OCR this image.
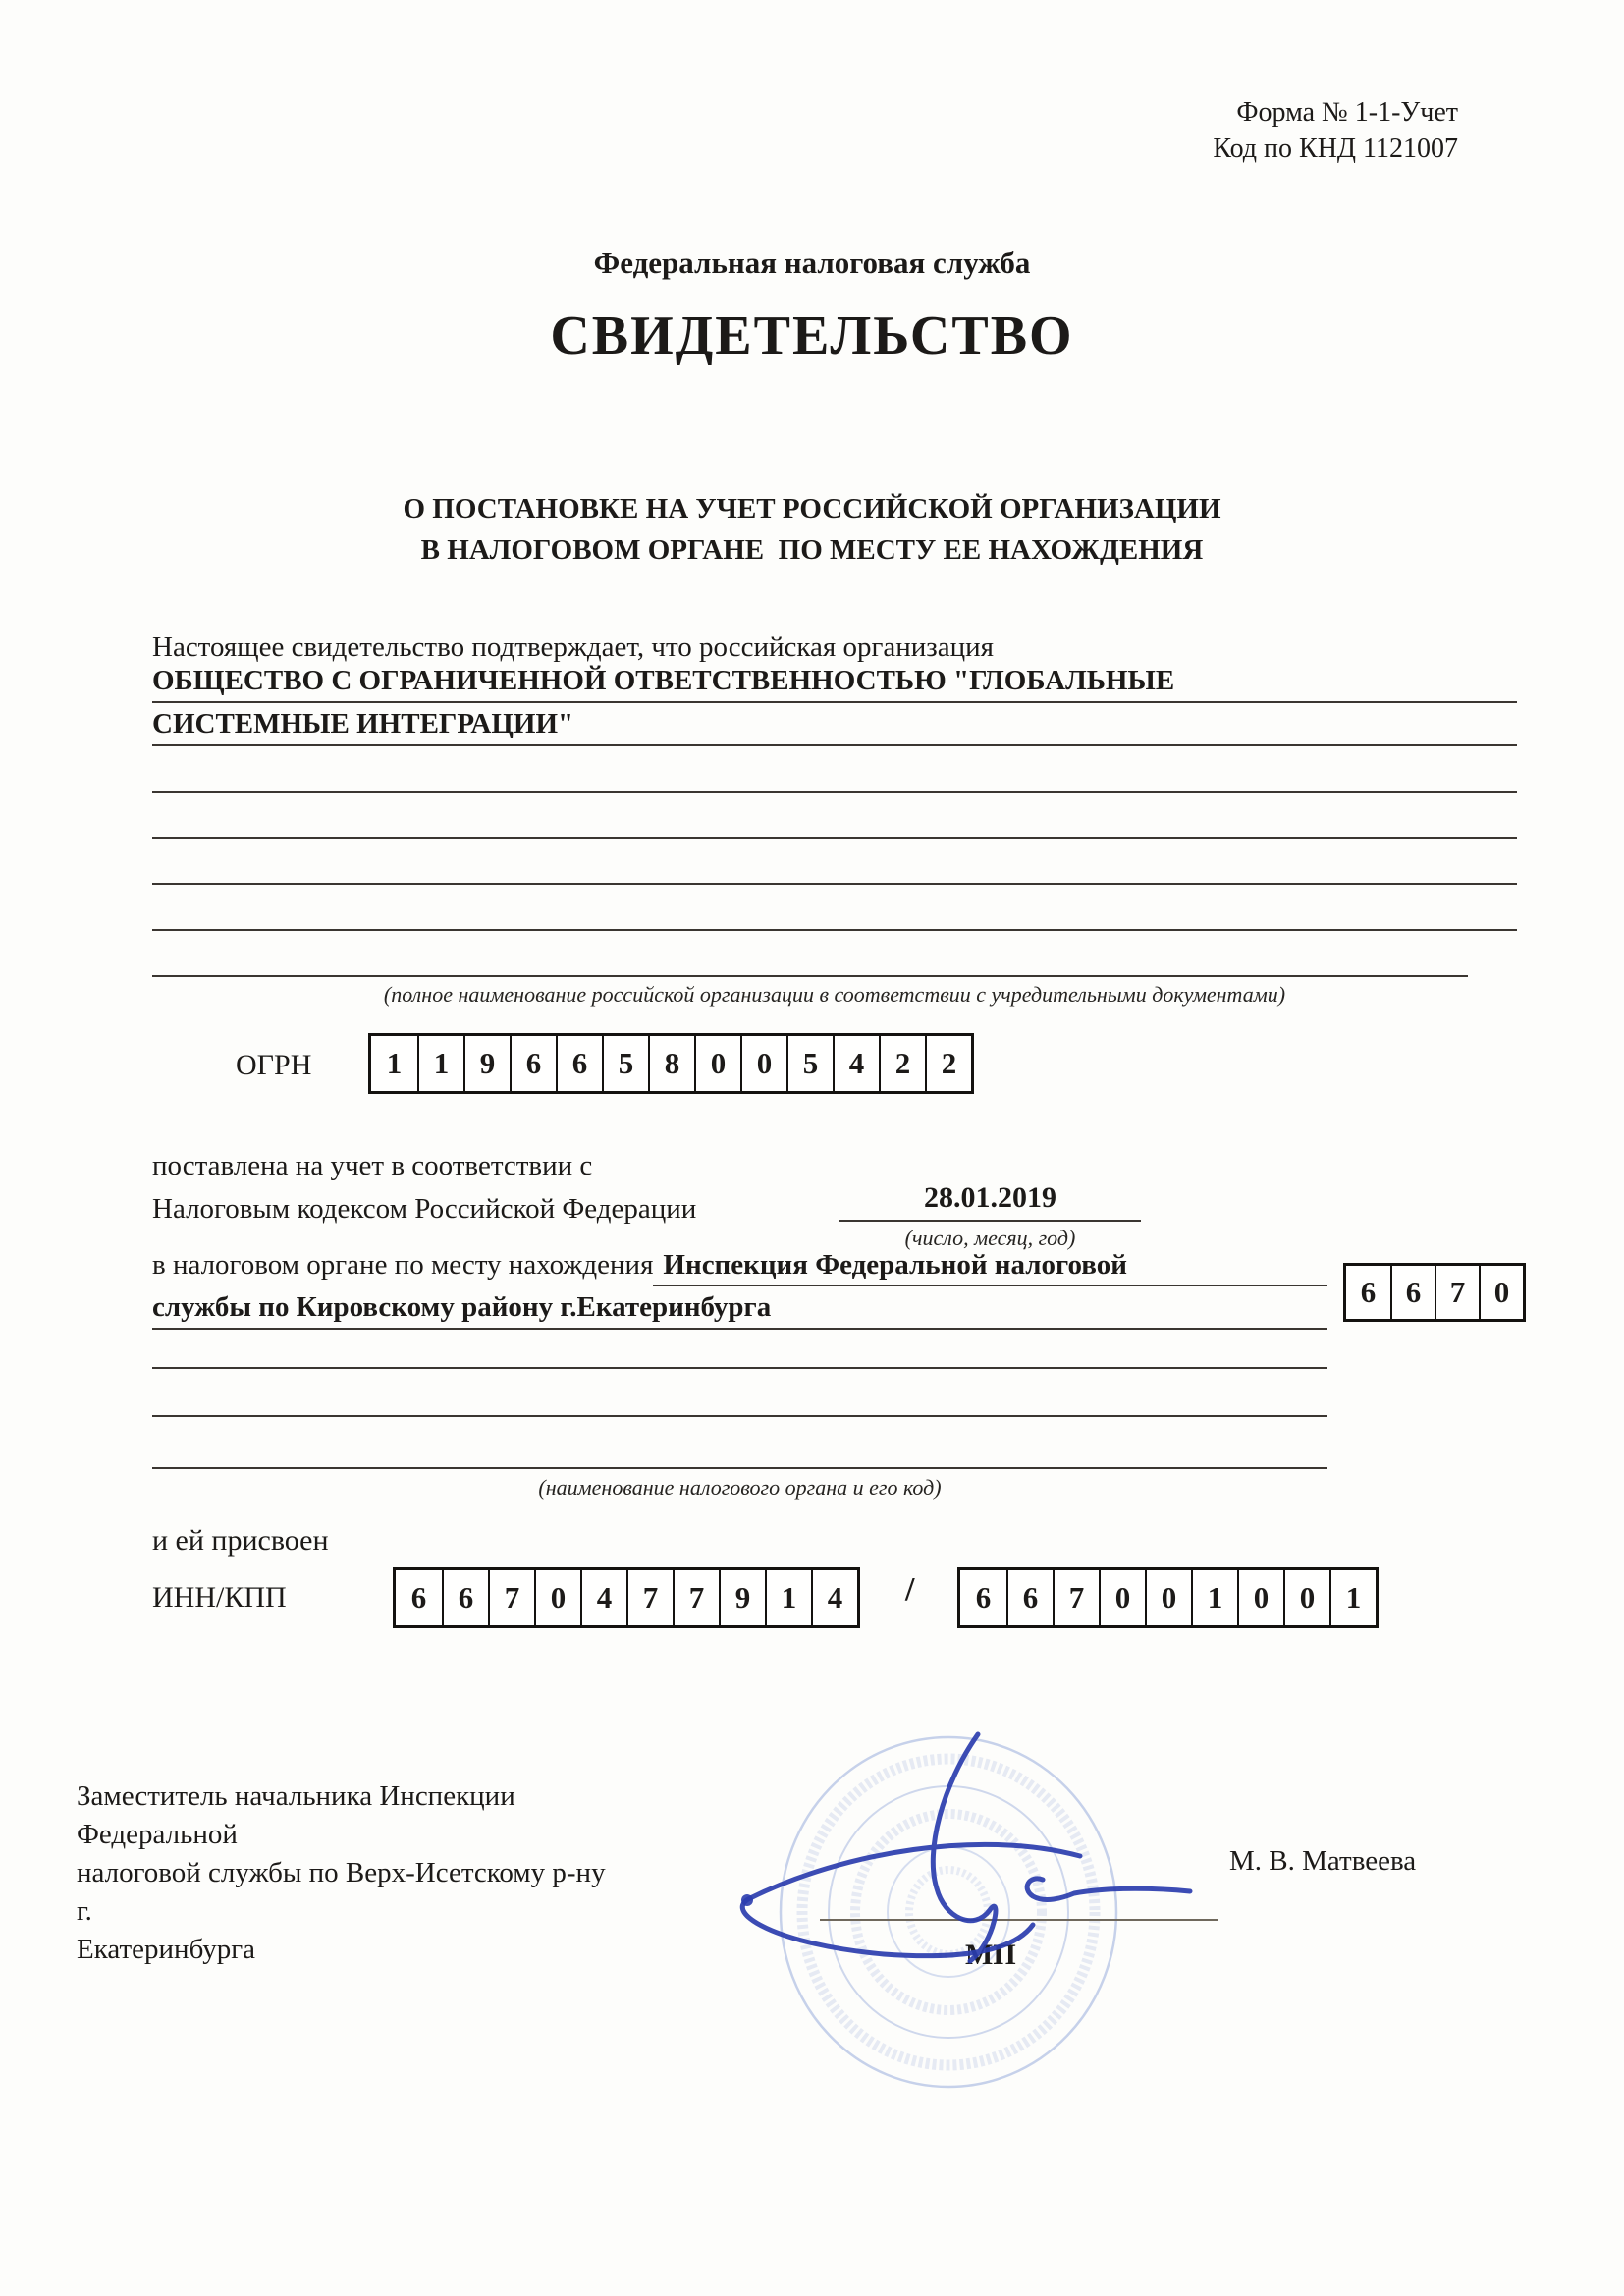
Форма № 1-1-Учет
Код по КНД 1121007
Федеральная налоговая служба
СВИДЕТЕЛЬСТВО
О ПОСТАНОВКЕ НА УЧЕТ РОССИЙСКОЙ ОРГАНИЗАЦИИ
В НАЛОГОВОМ ОРГАНЕ  ПО МЕСТУ ЕЕ НАХОЖДЕНИЯ
Настоящее свидетельство подтверждает, что российская организация
ОБЩЕСТВО С ОГРАНИЧЕННОЙ ОТВЕТСТВЕННОСТЬЮ "ГЛОБАЛЬНЫЕ
СИСТЕМНЫЕ ИНТЕГРАЦИИ"
(полное наименование российской организации в соответствии с учредительными документами)
ОГРН	1	1	9	6	6	5	8	0	0	5	4	2	2
поставлена на учет в соответствии с
Налоговым кодексом Российской Федерации	28.01.2019
(число, месяц, год)
в налоговом органе по месту нахождения Инспекция Федеральной налоговой
6 6 7 0
службы по Кировскому району г.Екатеринбурга
(наименование налогового органа и его код)
и ей присвоен
ИНН/КПП	6	6	7	0	4	7	7	9	1	4	/	6	6	7	0	0	1	0	0	1
Заместитель начальника Инспекции Федеральной
налоговой службы по Верх-Исетскому р-ну г.
Екатеринбурга
М. В. Матвеева
МП
